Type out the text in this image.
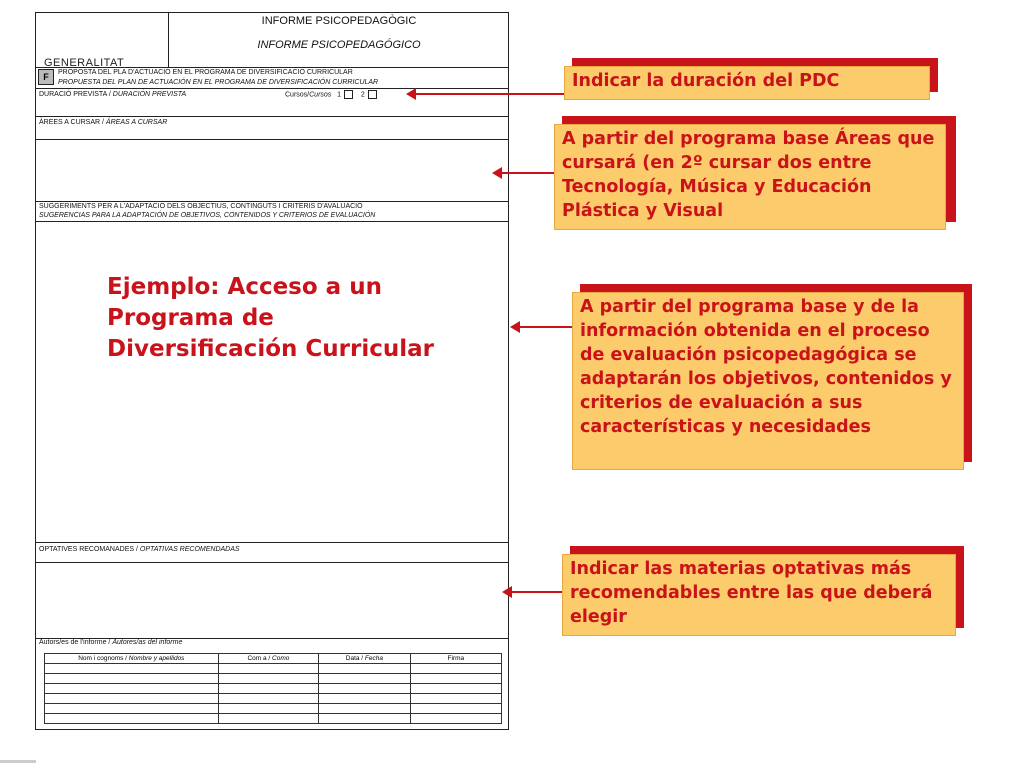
GENERALITAT
INFORME PSICOPEDAGÒGIC
INFORME PSICOPEDAGÓGICO
F	PROPOSTA DEL PLA D'ACTUACIÓ EN EL PROGRAMA DE DIVERSIFICACIÓ CURRICULAR
PROPUESTA DEL PLAN DE ACTUACIÓN EN EL PROGRAMA DE DIVERSIFICACIÓN CURRICULAR
DURACIÓ PREVISTA / DURACIÓN PREVISTA	Cursos/Cursos 1	2
ÀREES A CURSAR / ÁREAS A CURSAR
SUGGERIMENTS PER A L'ADAPTACIÓ DELS OBJECTIUS, CONTINGUTS I CRITERIS D'AVALUACIÓ
SUGERENCIAS PARA LA ADAPTACIÓN DE OBJETIVOS, CONTENIDOS Y CRITERIOS DE EVALUACIÓN
OPTATIVES RECOMANADES / OPTATIVAS RECOMENDADAS
Autors/es de l'informe / Autores/as del informe
Nom i cognoms / Nombre y apellidos	Com a / Como	Data / Fecha	Firma

Ejemplo: Acceso a un Programa de Diversificación Curricular
Indicar la duración del PDC
A partir del programa base Áreas que cursará (en 2º cursar dos entre Tecnología, Música y Educación Plástica y Visual
A partir del programa base y de la información obtenida en el proceso de evaluación psicopedagógica se adaptarán los objetivos, contenidos y criterios de evaluación a sus características y necesidades
Indicar las materias optativas más recomendables entre las que deberá elegir
